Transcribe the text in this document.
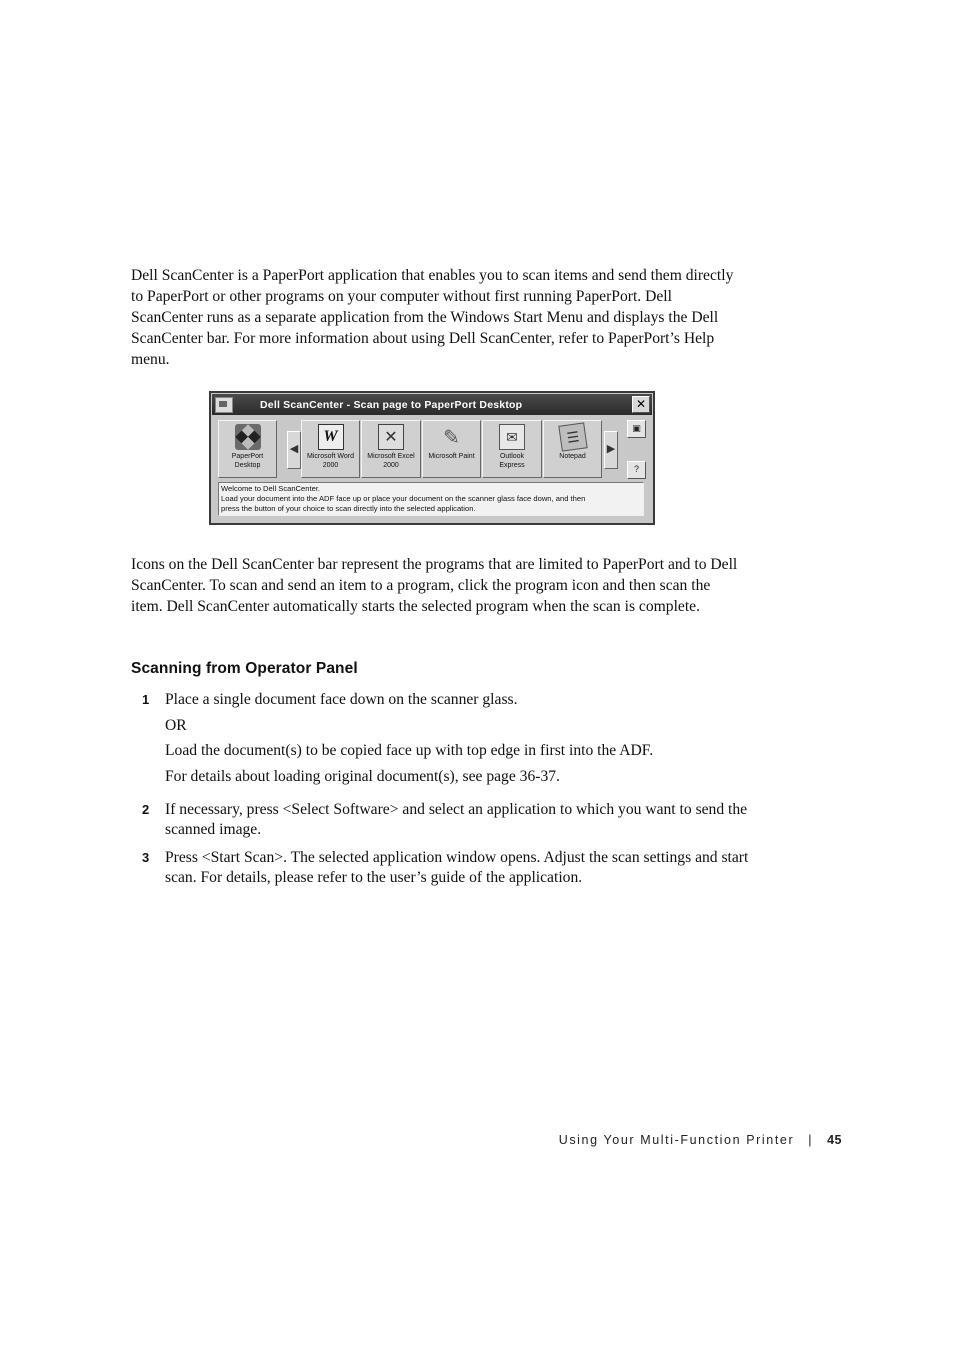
Dell ScanCenter is a PaperPort application that enables you to scan items and send them directly to PaperPort or other programs on your computer without first running PaperPort. Dell ScanCenter runs as a separate application from the Windows Start Menu and displays the Dell ScanCenter bar. For more information about using Dell ScanCenter, refer to PaperPort’s Help menu.

Dell ScanCenter - Scan page to PaperPort Desktop	✕
PaperPort
Desktop
◀
W
Microsoft Word
2000
✕
Microsoft Excel
2000
✎
Microsoft Paint
✉
Outlook
Express
☰
Notepad
▶
▣
?
Welcome to Dell ScanCenter.
Load your document into the ADF face up or place your document on the scanner glass face down, and then
press the button of your choice to scan directly into the selected application.

Icons on the Dell ScanCenter bar represent the programs that are limited to PaperPort and to Dell ScanCenter. To scan and send an item to a program, click the program icon and then scan the item. Dell ScanCenter automatically starts the selected program when the scan is complete.

Scanning from Operator Panel
1 Place a single document face down on the scanner glass.

OR

Load the document(s) to be copied face up with top edge in first into the ADF.

For details about loading original document(s), see page 36-37.

2 If necessary, press <Select Software> and select an application to which you want to send the scanned image.

3 Press <Start Scan>. The selected application window opens. Adjust the scan settings and start scan. For details, please refer to the user’s guide of the application.

Using Your Multi-Function Printer | 45
